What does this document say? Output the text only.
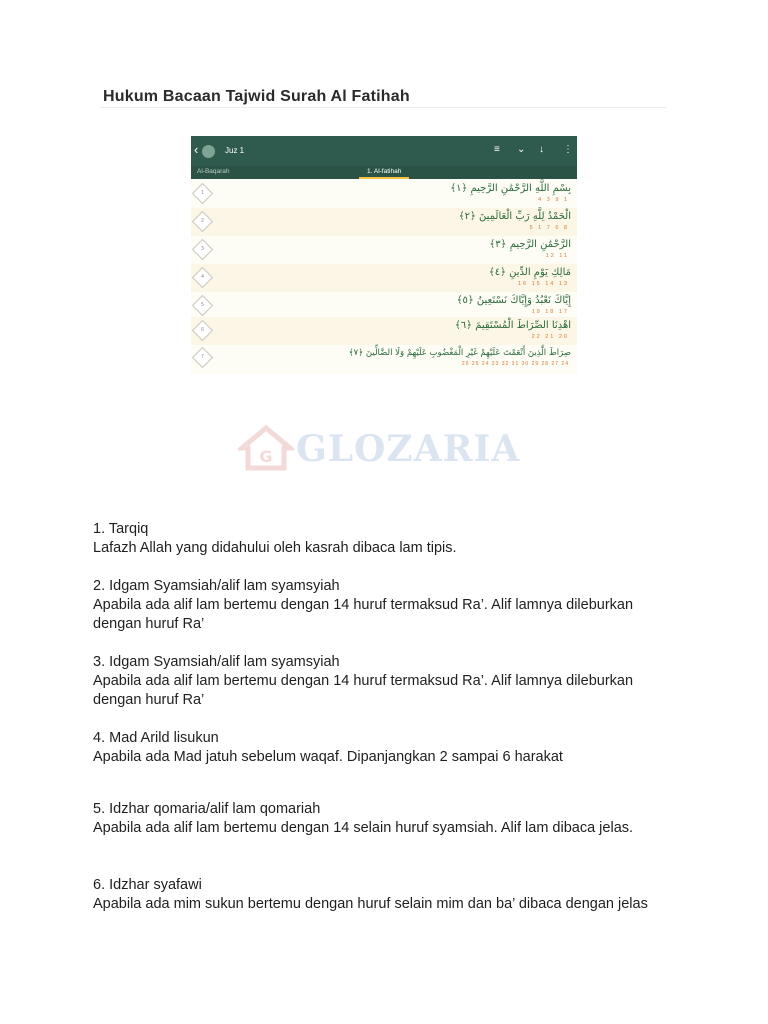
Hukum Bacaan Tajwid Surah Al Fatihah
‹	Juz 1	≡ ⌄ ↓ ⋮
Al-Baqarah	1. Al-fatihah
1	بِسْمِ اللَّهِ الرَّحْمَٰنِ الرَّحِيمِ ﴿١﴾
4 3 9 1
2	الْحَمْدُ لِلَّهِ رَبِّ الْعَالَمِينَ ﴿٢﴾
5 1 7 6 8
3	الرَّحْمَٰنِ الرَّحِيمِ ﴿٣﴾
12 11
4	مَالِكِ يَوْمِ الدِّينِ ﴿٤﴾
16 15 14 13
5	إِيَّاكَ نَعْبُدُ وَإِيَّاكَ نَسْتَعِينُ ﴿٥﴾
19 18 17
6	اهْدِنَا الصِّرَاطَ الْمُسْتَقِيمَ ﴿٦﴾
22 21 20
7	صِرَاطَ الَّذِينَ أَنْعَمْتَ عَلَيْهِمْ غَيْرِ الْمَغْضُوبِ عَلَيْهِمْ وَلَا الضَّالِّينَ ﴿٧﴾
26 25 24 23 32 31 30 29 28 27 24
G GLOZARIA
1. Tarqiq
Lafazh Allah yang didahului oleh kasrah dibaca lam tipis.
2. Idgam Syamsiah/alif lam syamsyiah
Apabila ada alif lam bertemu dengan 14 huruf termaksud Ra’. Alif lamnya dileburkan dengan huruf Ra’
3. Idgam Syamsiah/alif lam syamsyiah
Apabila ada alif lam bertemu dengan 14 huruf termaksud Ra’. Alif lamnya dileburkan dengan huruf Ra’
4. Mad Arild lisukun
Apabila ada Mad jatuh sebelum waqaf. Dipanjangkan 2 sampai 6 harakat
5. Idzhar qomaria/alif lam qomariah
Apabila ada alif lam bertemu dengan 14 selain huruf syamsiah. Alif lam dibaca jelas.
6. Idzhar syafawi
Apabila ada mim sukun bertemu dengan huruf selain mim dan ba’ dibaca dengan jelas
